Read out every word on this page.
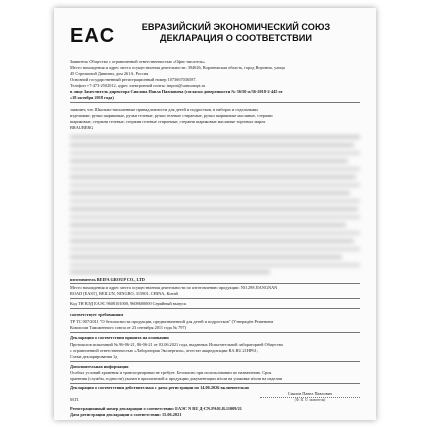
EAC	ЕВРАЗИЙСКИЙ ЭКОНОМИЧЕСКИЙ СОЮЗ
ДЕКЛАРАЦИЯ О СООТВЕТСТВИИ
Заявитель Общество с ограниченной ответственностью «Офис-писатель»
Место нахождения и адрес места осуществления деятельности: 394026, Воронежская область, город Воронеж, улица
45 Стрелковой Дивизии, дом 261А, Россия
Основной государственный регистрационный номер 1073667036587.
Телефон +7-473-2502012, адрес электронной почты: import@samsonopt.ru
в лице Заместитель директора Сиялова Павла Павловича (согласно доверенности № 36/50 м/36-2018-2-445 от
«18 октября 2018 года)
заявляет, что Школьно-письменные принадлежности для детей и подростков, в наборах и отдельными
изделиями: ручки шариковые, ручки гелевые, ручки гелевые стираемые, ручки шариковые масляные, стержни
шариковые, стержни гелевые, стержни гелевые стираемые, стержни шариковые масляные торговых марок
BRAUBERG
изготовитель BEIFA GROUP CO., LTD
Место нахождения и адрес места осуществления деятельности по изготовлению продукции: NO.298 JIANGNAN
ROAD [EAST], BEILUN, NINGBO, 315801, CHINA, Китай
Код ТН ВЭД ЕАЭС 9608101000, 9608600000 Серийный выпуск
соответствует требованиям
ТР ТС 007/2011 "О безопасности продукции, предназначенной для детей и подростков" (Утверждён Решением
Комиссии Таможенного союза от 23 сентября 2011 года № 797)
Декларация о соответствии принята на основании
Протоколов испытаний № 96-06-21, 86-06-21 от 03.06.2021 года, выданных Испытательной лабораторией Общества
с ограниченной ответственностью «Лаборатория Экспертиза», аттестат аккредитации RA.RU.21НР61;
Схема декларирования 1д
Дополнительная информация
Особых условий хранения и транспортировки не требует. Безопасно при использовании по назначению. Срок
хранения (службы, годности) указан в прилагаемой к продукции документации и/или на упаковке и/или на изделии
Декларация о соответствии действительна с даты регистрации по 14.06.2026 включительно
М.П.
Сиялов Павел Павлович
(Ф. И. О. заявителя)
Регистрационный номер декларации о соответствии: ЕАЭС N RU Д-CN.PA01.В.11009/21
Дата регистрации декларации о соответствии: 15.06.2021
